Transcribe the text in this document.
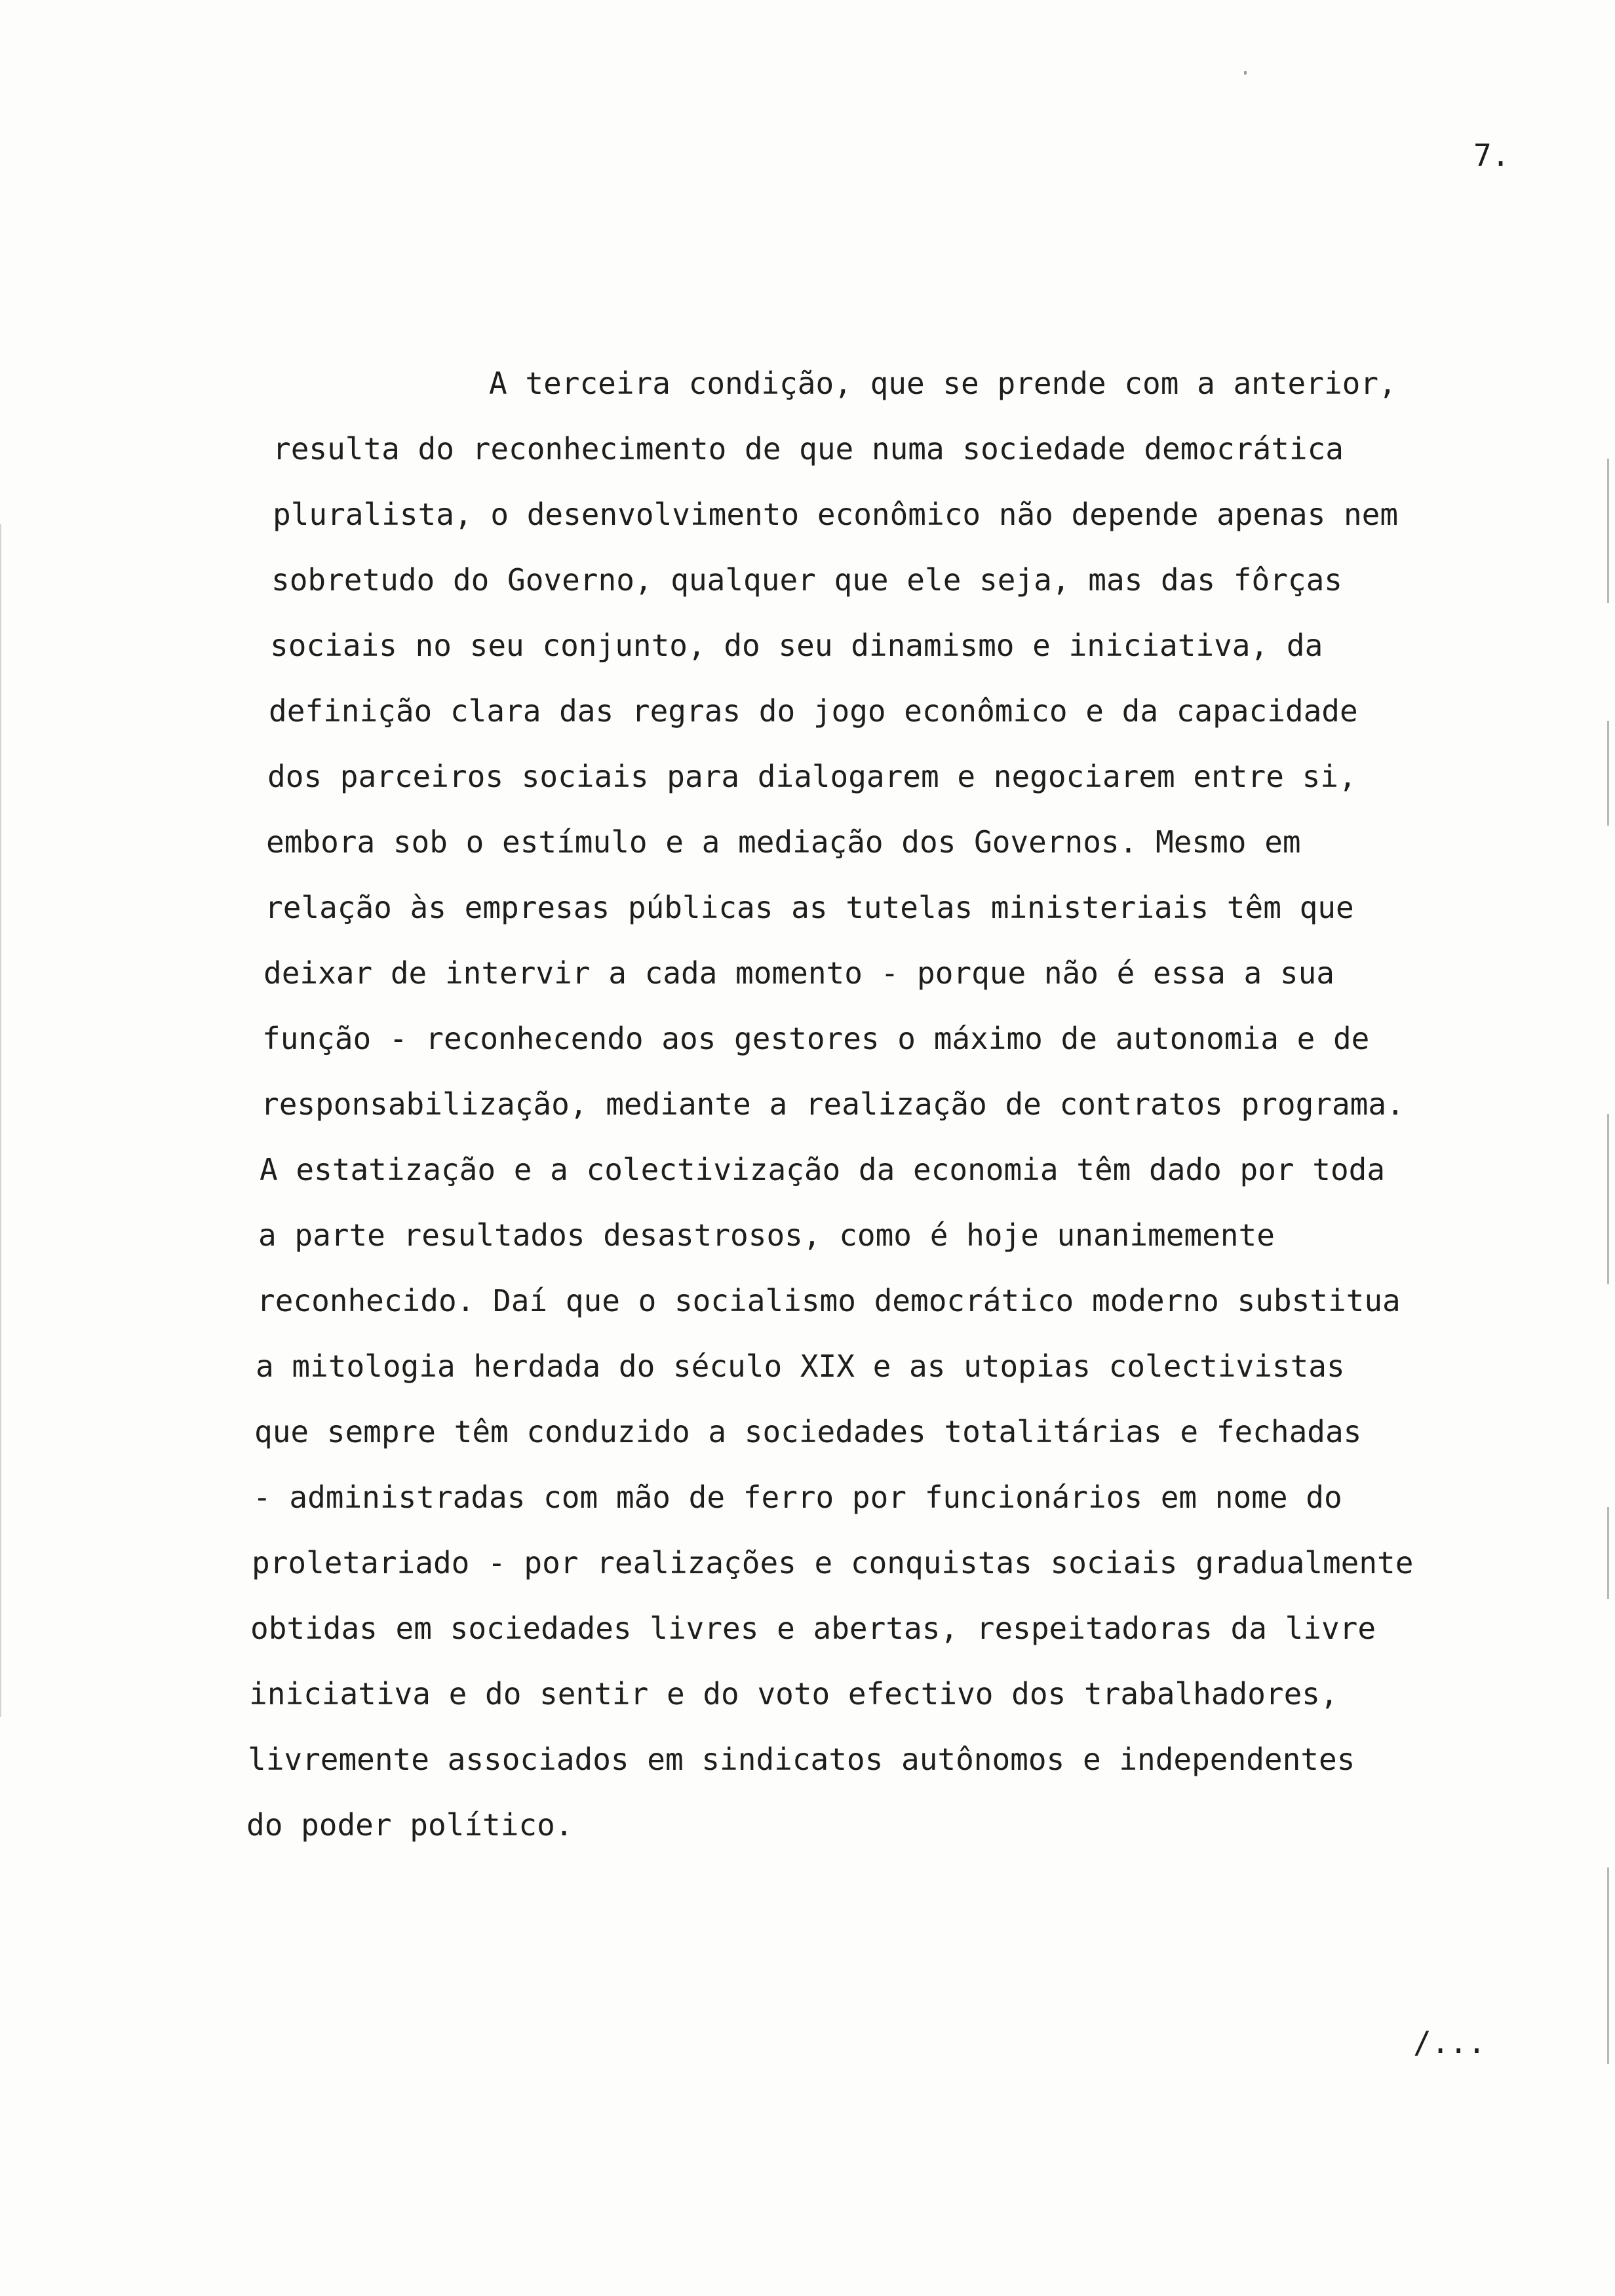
7.
A terceira condição, que se prende com a anterior,
resulta do reconhecimento de que numa sociedade democrática
pluralista, o desenvolvimento econômico não depende apenas nem
sobretudo do Governo, qualquer que ele seja, mas das fôrças
sociais no seu conjunto, do seu dinamismo e iniciativa, da
definição clara das regras do jogo econômico e da capacidade
dos parceiros sociais para dialogarem e negociarem entre si,
embora sob o estímulo e a mediação dos Governos. Mesmo em
relação às empresas públicas as tutelas ministeriais têm que
deixar de intervir a cada momento - porque não é essa a sua
função - reconhecendo aos gestores o máximo de autonomia e de
responsabilização, mediante a realização de contratos programa.
A estatização e a colectivização da economia têm dado por toda
a parte resultados desastrosos, como é hoje unanimemente
reconhecido. Daí que o socialismo democrático moderno substitua
a mitologia herdada do século XIX e as utopias colectivistas
que sempre têm conduzido a sociedades totalitárias e fechadas
- administradas com mão de ferro por funcionários em nome do
proletariado - por realizações e conquistas sociais gradualmente
obtidas em sociedades livres e abertas, respeitadoras da livre
iniciativa e do sentir e do voto efectivo dos trabalhadores,
livremente associados em sindicatos autônomos e independentes
do poder político.
/...
